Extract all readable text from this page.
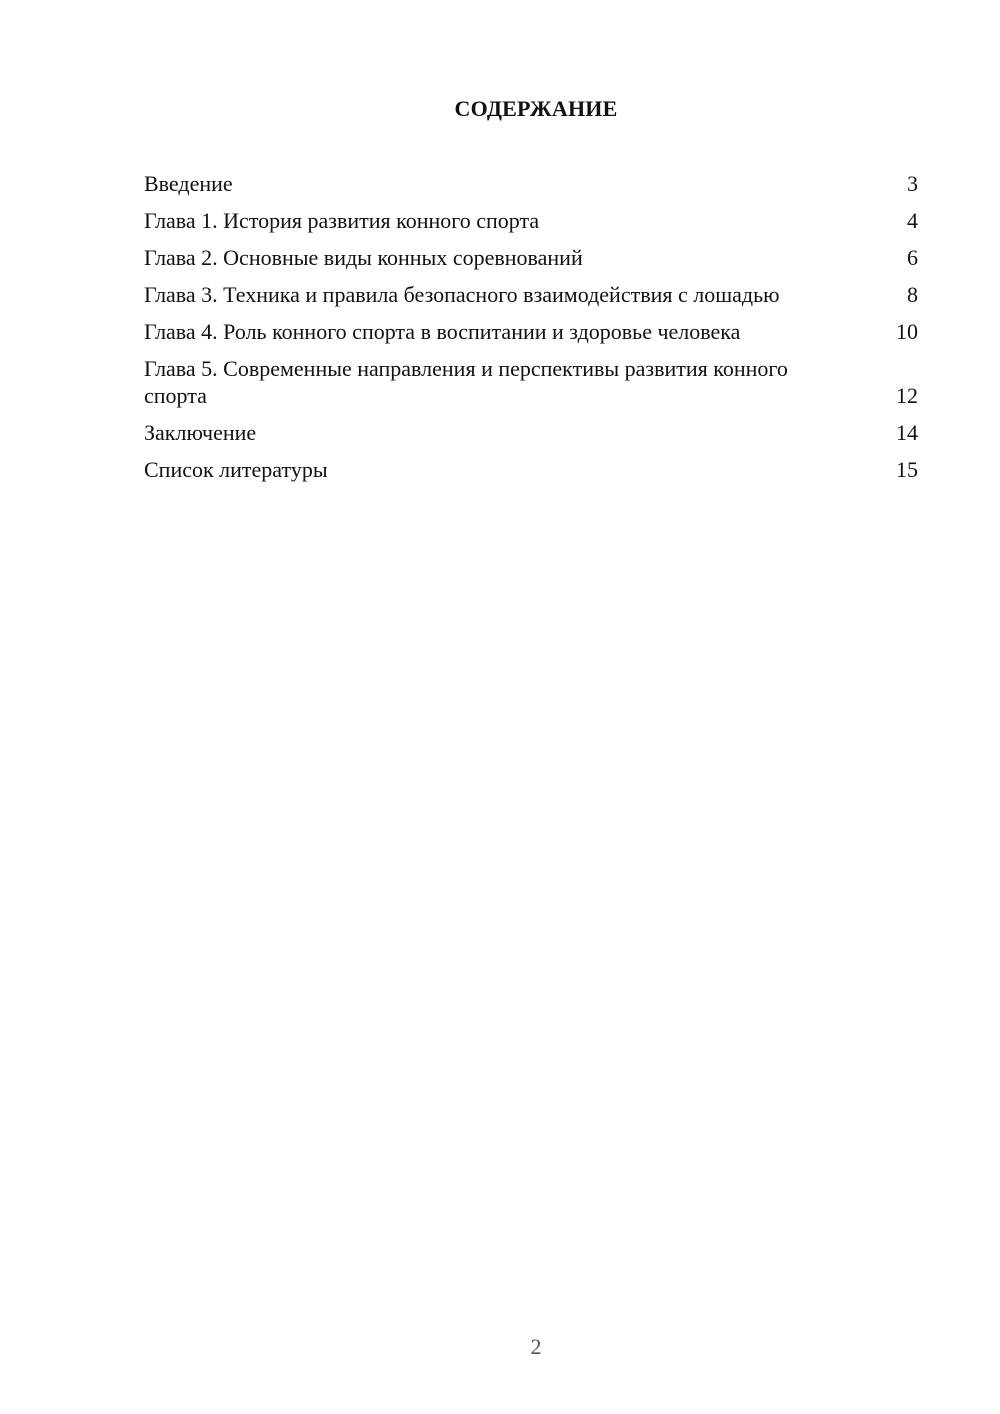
СОДЕРЖАНИЕ
Введение	3
Глава 1. История развития конного спорта	4
Глава 2. Основные виды конных соревнований	6
Глава 3. Техника и правила безопасного взаимодействия с лошадью	8
Глава 4. Роль конного спорта в воспитании и здоровье человека	10
Глава 5. Современные направления и перспективы развития конного спорта	12
Заключение	14
Список литературы	15
2
